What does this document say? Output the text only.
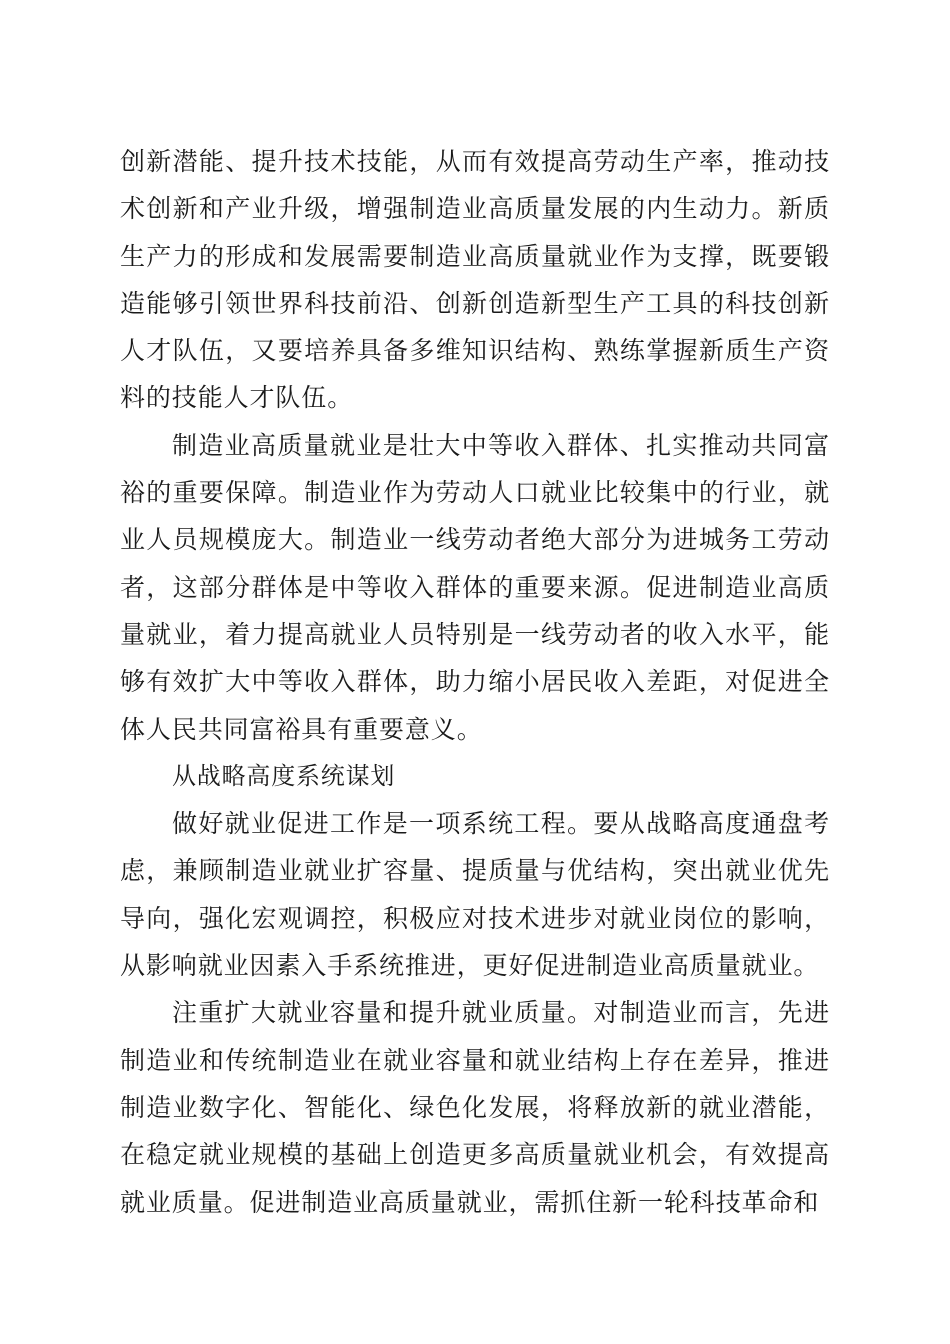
创新潜能、提升技术技能，从而有效提高劳动生产率，推动技术创新和产业升级，增强制造业高质量发展的内生动力。新质生产力的形成和发展需要制造业高质量就业作为支撑，既要锻造能够引领世界科技前沿、创新创造新型生产工具的科技创新人才队伍，又要培养具备多维知识结构、熟练掌握新质生产资料的技能人才队伍。

制造业高质量就业是壮大中等收入群体、扎实推动共同富裕的重要保障。制造业作为劳动人口就业比较集中的行业，就业人员规模庞大。制造业一线劳动者绝大部分为进城务工劳动者，这部分群体是中等收入群体的重要来源。促进制造业高质量就业，着力提高就业人员特别是一线劳动者的收入水平，能够有效扩大中等收入群体，助力缩小居民收入差距，对促进全体人民共同富裕具有重要意义。

从战略高度系统谋划

做好就业促进工作是一项系统工程。要从战略高度通盘考虑，兼顾制造业就业扩容量、提质量与优结构，突出就业优先导向，强化宏观调控，积极应对技术进步对就业岗位的影响，从影响就业因素入手系统推进，更好促进制造业高质量就业。

注重扩大就业容量和提升就业质量。对制造业而言，先进制造业和传统制造业在就业容量和就业结构上存在差异，推进制造业数字化、智能化、绿色化发展，将释放新的就业潜能，在稳定就业规模的基础上创造更多高质量就业机会，有效提高就业质量。促进制造业高质量就业，需抓住新一轮科技革命和
